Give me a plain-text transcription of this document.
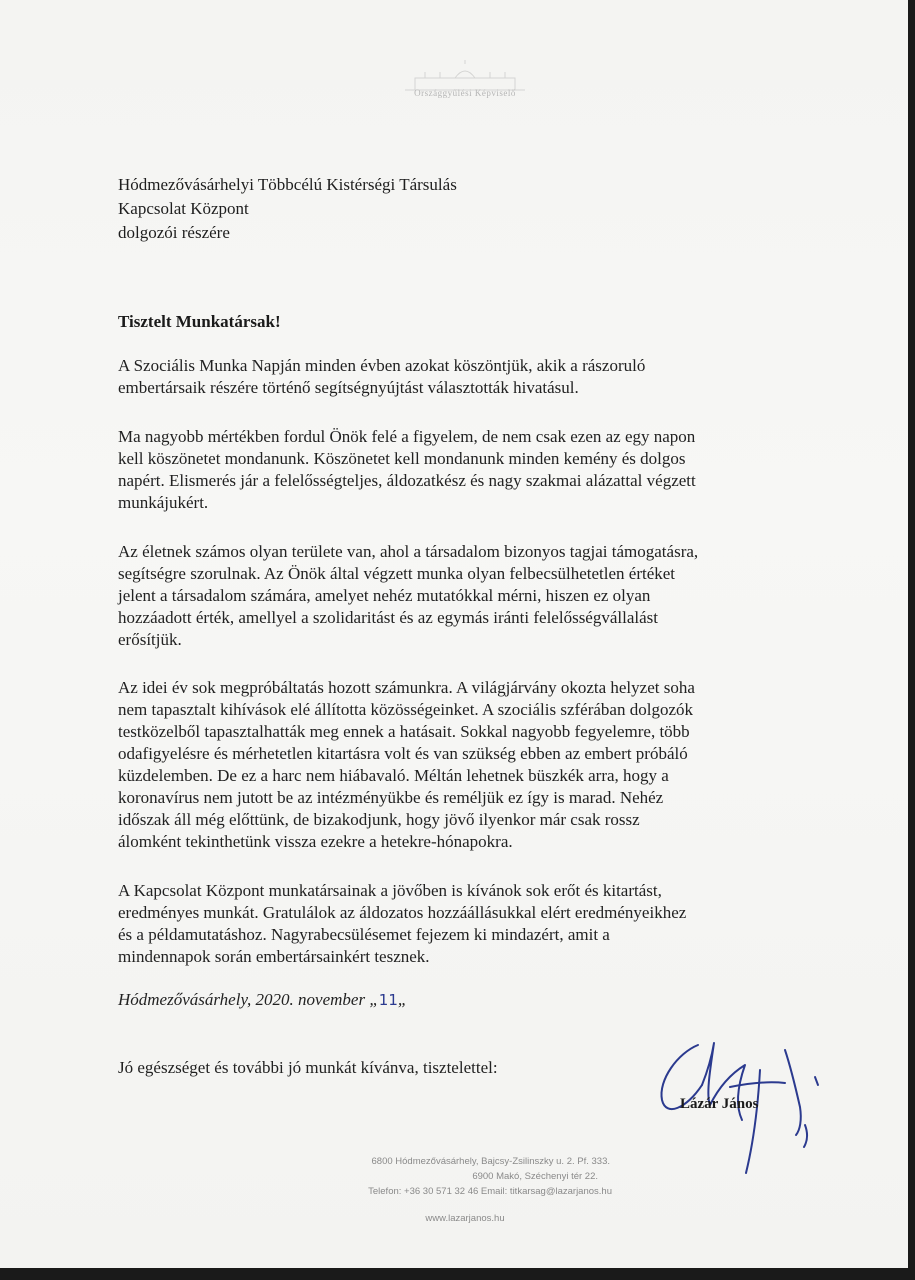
Országgyűlési Képviselő
Hódmezővásárhelyi Többcélú Kistérségi Társulás
Kapcsolat Központ
dolgozói részére
Tisztelt Munkatársak!
A Szociális Munka Napján minden évben azokat köszöntjük, akik a rászoruló
embertársaik részére történő segítségnyújtást választották hivatásul.
Ma nagyobb mértékben fordul Önök felé a figyelem, de nem csak ezen az egy napon
kell köszönetet mondanunk. Köszönetet kell mondanunk minden kemény és dolgos
napért. Elismerés jár a felelősségteljes, áldozatkész és nagy szakmai alázattal végzett
munkájukért.
Az életnek számos olyan területe van, ahol a társadalom bizonyos tagjai támogatásra,
segítségre szorulnak. Az Önök által végzett munka olyan felbecsülhetetlen értéket
jelent a társadalom számára, amelyet nehéz mutatókkal mérni, hiszen ez olyan
hozzáadott érték, amellyel a szolidaritást és az egymás iránti felelősségvállalást
erősítjük.
Az idei év sok megpróbáltatás hozott számunkra. A világjárvány okozta helyzet soha
nem tapasztalt kihívások elé állította közösségeinket. A szociális szférában dolgozók
testközelből tapasztalhatták meg ennek a hatásait. Sokkal nagyobb fegyelemre, több
odafigyelésre és mérhetetlen kitartásra volt és van szükség ebben az embert próbáló
küzdelemben. De ez a harc nem hiábavaló. Méltán lehetnek büszkék arra, hogy a
koronavírus nem jutott be az intézményükbe és reméljük ez így is marad. Nehéz
időszak áll még előttünk, de bizakodjunk, hogy jövő ilyenkor már csak rossz
álomként tekinthetünk vissza ezekre a hetekre-hónapokra.
A Kapcsolat Központ munkatársainak a jövőben is kívánok sok erőt és kitartást,
eredményes munkát. Gratulálok az áldozatos hozzáállásukkal elért eredményeikhez
és a példamutatáshoz. Nagyrabecsülésemet fejezem ki mindazért, amit a
mindennapok során embertársainkért tesznek.
Hódmezővásárhely, 2020. november „11„
Jó egészséget és további jó munkát kívánva, tisztelettel:
Lázár János
6800 Hódmezővásárhely, Bajcsy-Zsilinszky u. 2. Pf. 333.
6900 Makó, Széchenyi tér 22.
Telefon: +36 30 571 32 46 Email: titkarsag@lazarjanos.hu
www.lazarjanos.hu
